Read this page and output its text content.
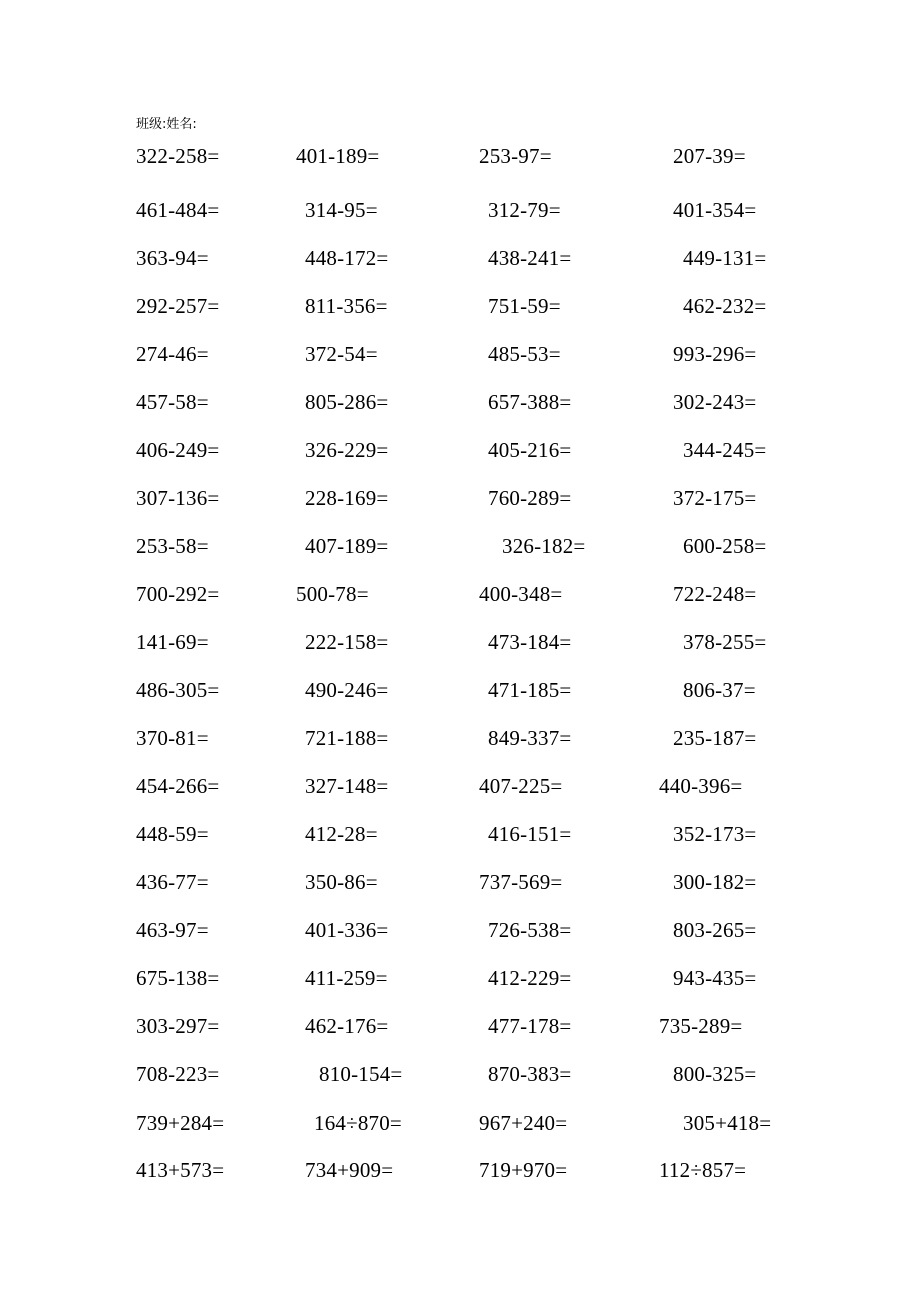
班级:姓名:
322-258=	401-189=	253-97=	207-39=
461-484=	314-95=	312-79=	401-354=
363-94=	448-172=	438-241=	449-131=
292-257=	811-356=	751-59=	462-232=
274-46=	372-54=	485-53=	993-296=
457-58=	805-286=	657-388=	302-243=
406-249=	326-229=	405-216=	344-245=
307-136=	228-169=	760-289=	372-175=
253-58=	407-189=	326-182=	600-258=
700-292=	500-78=	400-348=	722-248=
141-69=	222-158=	473-184=	378-255=
486-305=	490-246=	471-185=	806-37=
370-81=	721-188=	849-337=	235-187=
454-266=	327-148=	407-225=	440-396=
448-59=	412-28=	416-151=	352-173=
436-77=	350-86=	737-569=	300-182=
463-97=	401-336=	726-538=	803-265=
675-138=	411-259=	412-229=	943-435=
303-297=	462-176=	477-178=	735-289=
708-223=	810-154=	870-383=	800-325=
739+284=	164÷870=	967+240=	305+418=
413+573=	734+909=	719+970=	112÷857=
